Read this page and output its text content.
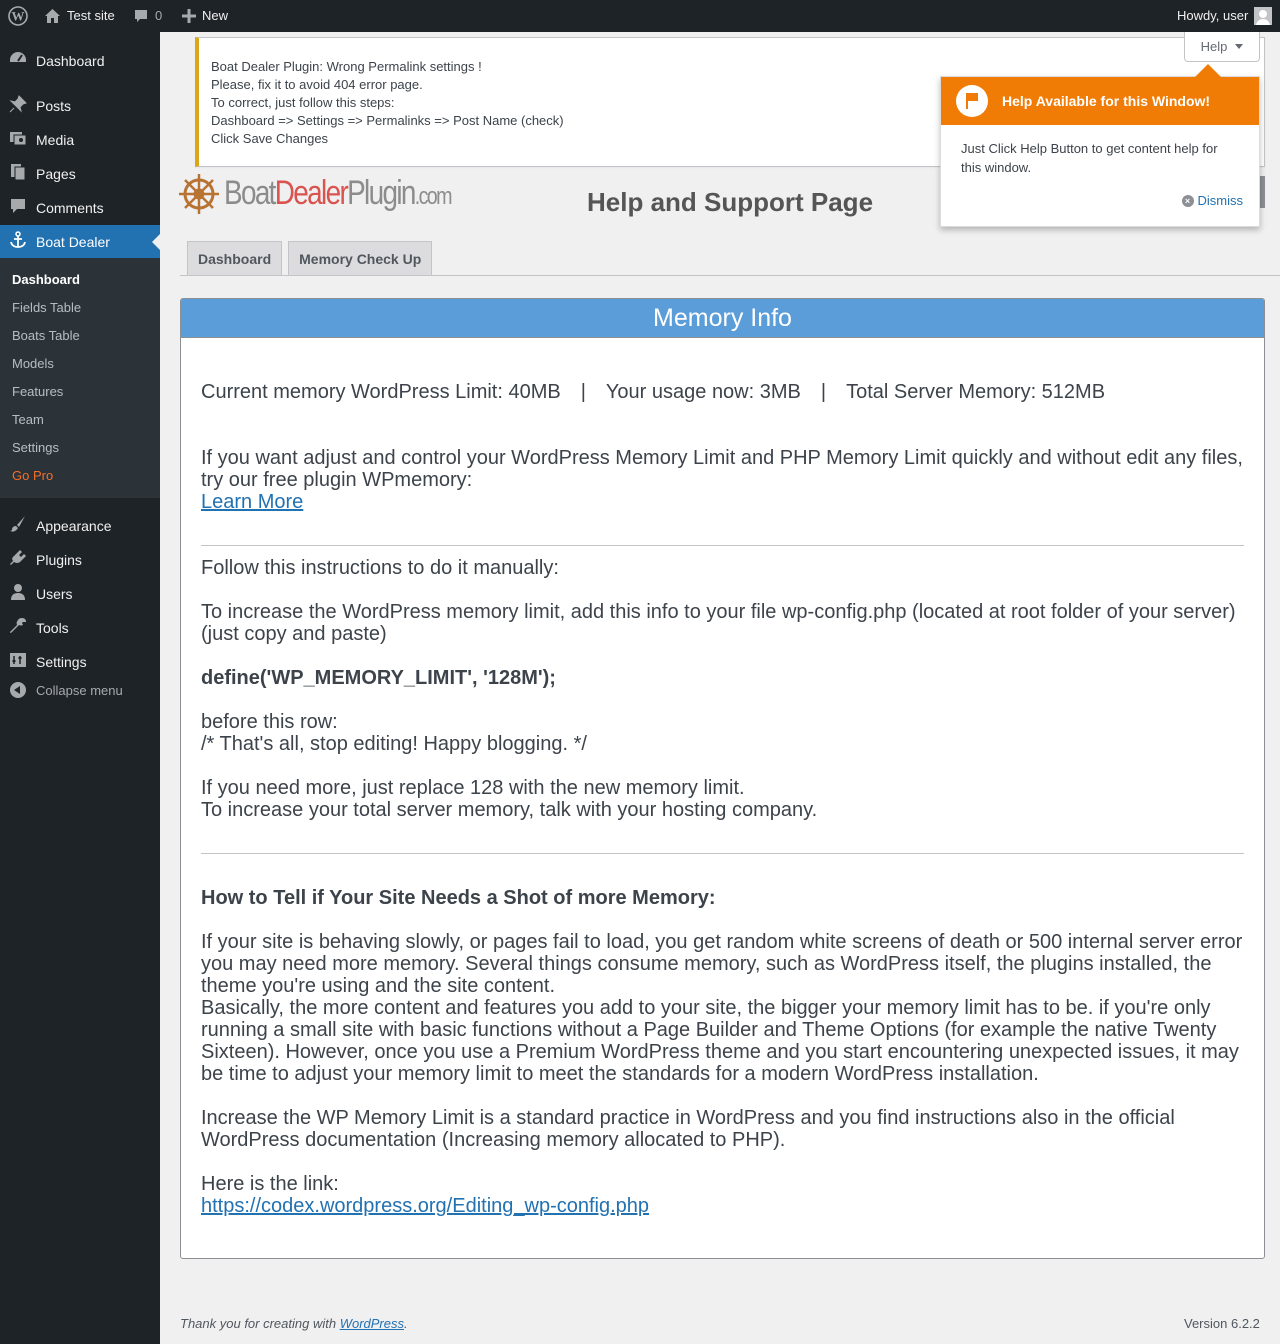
W	Test site	0	New	Howdy, user
Dashboard
Posts
Media
Pages
Comments
Boat Dealer
Dashboard
Fields Table
Boats Table
Models
Features
Team
Settings
Go Pro
Appearance
Plugins
Users
Tools
Settings
Collapse menu
Boat Dealer Plugin: Wrong Permalink settings !
Please, fix it to avoid 404 error page.
To correct, just follow this steps:
Dashboard => Settings => Permalinks => Post Name (check)
Click Save Changes
BoatDealerPlugin.com	Help and Support Page
Dashboard	Memory Check Up
Memory Info

Current memory WordPress Limit: 40MB | Your usage now: 3MB | Total Server Memory: 512MB

If you want adjust and control your WordPress Memory Limit and PHP Memory Limit quickly and without edit any files, try our free plugin WPmemory:

Learn More

Follow this instructions to do it manually:

To increase the WordPress memory limit, add this info to your file wp-config.php (located at root folder of your server) (just copy and paste)

define('WP_MEMORY_LIMIT', '128M');

before this row:

/* That's all, stop editing! Happy blogging. */

If you need more, just replace 128 with the new memory limit.

To increase your total server memory, talk with your hosting company.

How to Tell if Your Site Needs a Shot of more Memory:

If your site is behaving slowly, or pages fail to load, you get random white screens of death or 500 internal server error you may need more memory. Several things consume memory, such as WordPress itself, the plugins installed, the theme you're using and the site content.

Basically, the more content and features you add to your site, the bigger your memory limit has to be. if you're only running a small site with basic functions without a Page Builder and Theme Options (for example the native Twenty Sixteen). However, once you use a Premium WordPress theme and you start encountering unexpected issues, it may be time to adjust your memory limit to meet the standards for a modern WordPress installation.

Increase the WP Memory Limit is a standard practice in WordPress and you find instructions also in the official WordPress documentation (Increasing memory allocated to PHP).

Here is the link:

https://codex.wordpress.org/Editing_wp-config.php
Help
Help Available for this Window!
Just Click Help Button to get content help for this window.
× Dismiss
Thank you for creating with WordPress.	Version 6.2.2
